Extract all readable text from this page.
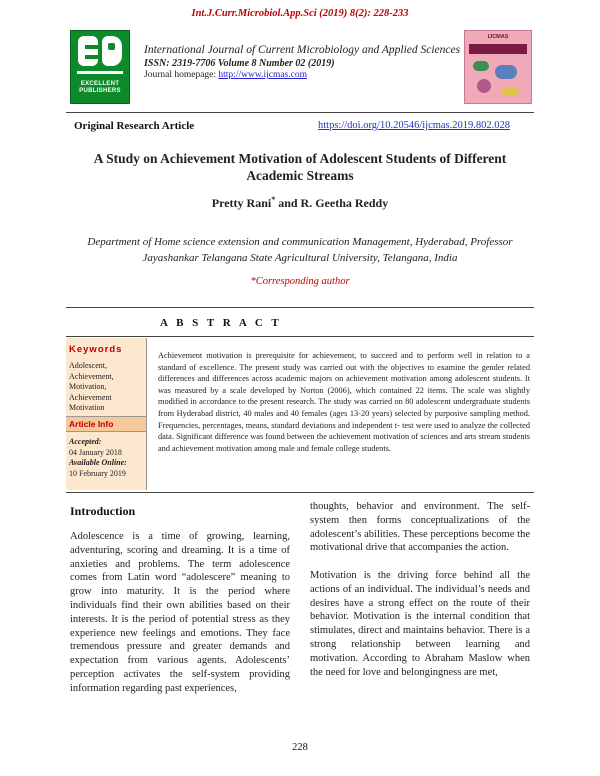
Int.J.Curr.Microbiol.App.Sci (2019) 8(2): 228-233
EXCELLENT
PUBLISHERS
International Journal of Current Microbiology and Applied Sciences
ISSN: 2319-7706 Volume 8 Number 02 (2019)
Journal homepage: http://www.ijcmas.com
IJCMAS
Original Research Article	https://doi.org/10.20546/ijcmas.2019.802.028
A Study on Achievement Motivation of Adolescent Students of Different Academic Streams
Pretty Rani* and R. Geetha Reddy
Department of Home science extension and communication Management, Hyderabad, Professor Jayashankar Telangana State Agricultural University, Telangana, India
*Corresponding author
A B S T R A C T
Keywords
Adolescent,
Achievement,
Motivation,
Achievement
Motivation
Article Info
Accepted:
04 January 2018
Available Online:
10 February 2019
Achievement motivation is prerequisite for achievement, to succeed and to perform well in relation to a standard of excellence. The present study was carried out with the objectives to examine the gender related differences and differences across academic majors on achievement motivation among adolescent students. It was measured by a scale developed by Norton (2006), which contained 22 items. The scale was slightly modified in accordance to the present research. The study was carried on 80 adolescent undergraduate students from Hyderabad district, 40 males and 40 females (ages 13-20 years) selected by purposive sampling method. Frequencies, percentages, means, standard deviations and independent t- test were used to analyze the collected data. Significant difference was found between the achievement motivation of sciences and arts stream students and achievement motivation among male and female college students.
Introduction

Adolescence is a time of growing, learning, adventuring, scoring and dreaming. It is a time of anxieties and problems. The term adolescence comes from Latin word “adolescere” meaning to grow into maturity. It is the period where individuals find their own abilities based on their interests. It is the period of potential stress as they experience new feelings and emotions. They face tremendous pressure and greater demands and expectation from various agents. Adolescents’ perception activates the self-system providing information regarding past experiences,

thoughts, behavior and environment. The self-system then forms conceptualizations of the adolescent’s abilities. These perceptions become the motivational drive that accompanies the action.

Motivation is the driving force behind all the actions of an individual. The individual’s needs and desires have a strong effect on the route of their behavior. Motivation is the internal condition that stimulates, direct and maintains behavior. There is a strong relationship between learning and motivation. According to Abraham Maslow when the need for love and belongingness are met,

228
